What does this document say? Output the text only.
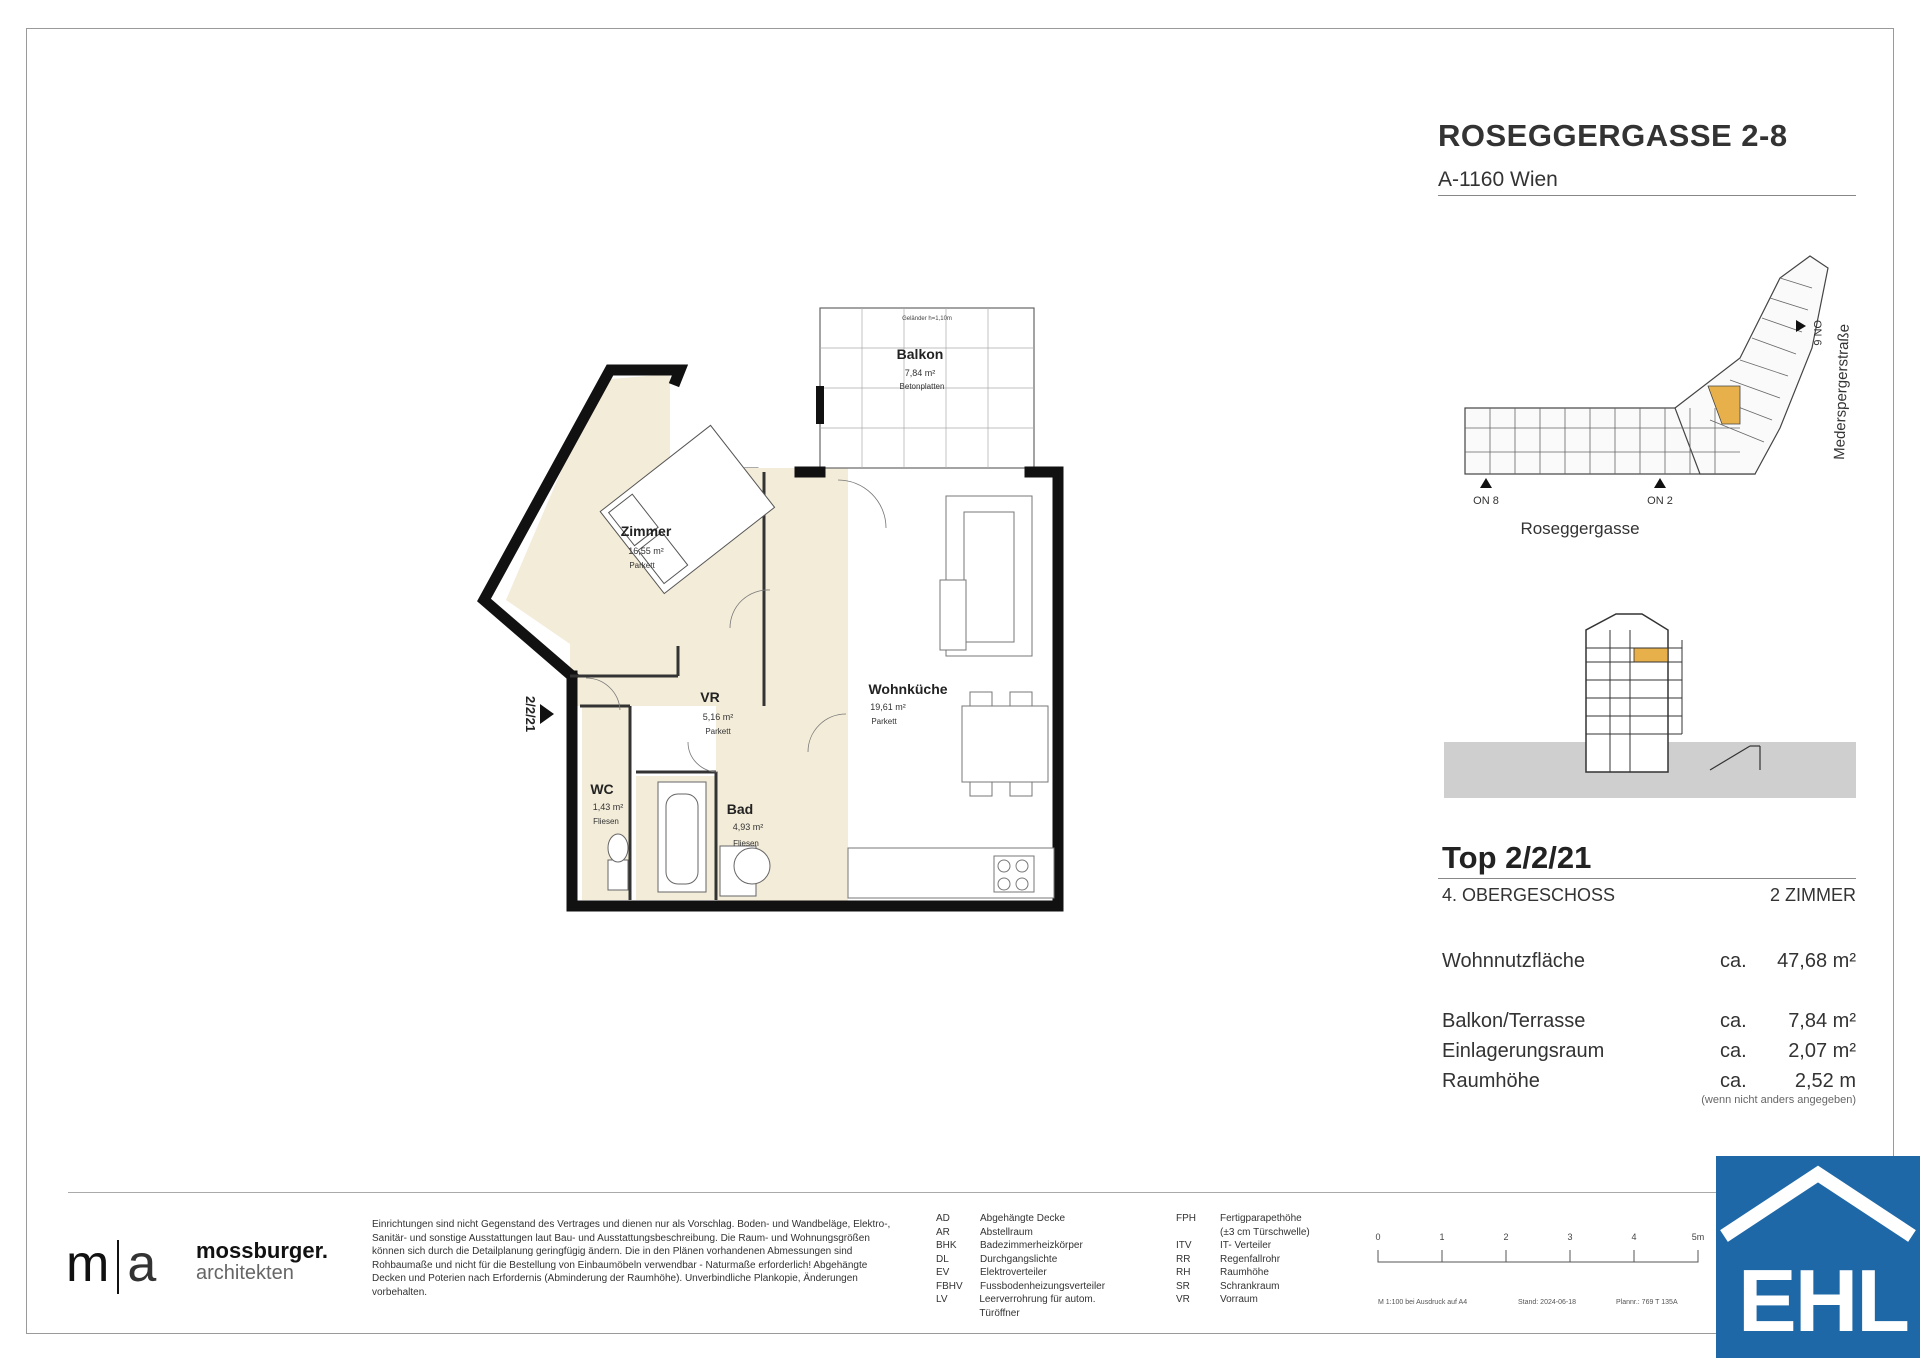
ROSEGGERGASSE 2-8
A-1160 Wien
ON 8	ON 2
ON 6
Roseggergasse
Mederspergerstraße
Top 2/2/21
4. OBERGESCHOSS	2 ZIMMER
Wohnnutzfläche	ca.	47,68 m²
Balkon/Terrasse	ca.	7,84 m²
Einlagerungsraum	ca.	2,07 m²
Raumhöhe	ca.	2,52 m
(wenn nicht anders angegeben)
Geländer h=1,10m
Balkon
7,84 m²
Betonplatten
Zimmer
16,55 m²
Parkett
VR
5,16 m²
Parkett
Wohnküche
19,61 m²
Parkett
WC
1,43 m²
Fliesen
Bad
4,93 m²
Fliesen
2/2/21
m a mossburger.
architekten
Einrichtungen sind nicht Gegenstand des Vertrages und dienen nur als Vorschlag. Boden- und Wandbeläge, Elektro-, Sanitär- und sonstige Ausstattungen laut Bau- und Ausstattungsbeschreibung. Die Raum- und Wohnungsgrößen können sich durch die Detailplanung geringfügig ändern. Die in den Plänen vorhandenen Abmessungen sind Rohbaumaße und nicht für die Bestellung von Einbaumöbeln verwendbar - Naturmaße erforderlich! Abgehängte Decken und Poterien nach Erfordernis (Abminderung der Raumhöhe). Unverbindliche Plankopie, Änderungen vorbehalten.
AD	Abgehängte Decke
AR	Abstellraum
BHK	Badezimmerheizkörper
DL	Durchgangslichte
EV	Elektroverteiler
FBHV	Fussbodenheizungsverteiler
LV	Leerverrohrung für autom. Türöffner
FPH	Fertigparapethöhe
(±3 cm Türschwelle)
ITV	IT- Verteiler
RR	Regenfallrohr
RH	Raumhöhe
SR	Schrankraum
VR	Vorraum
0	1	2	3	4	5m
M 1:100 bei Ausdruck auf A4	Stand: 2024-06-18	Plannr.: 769 T 135A EHL
